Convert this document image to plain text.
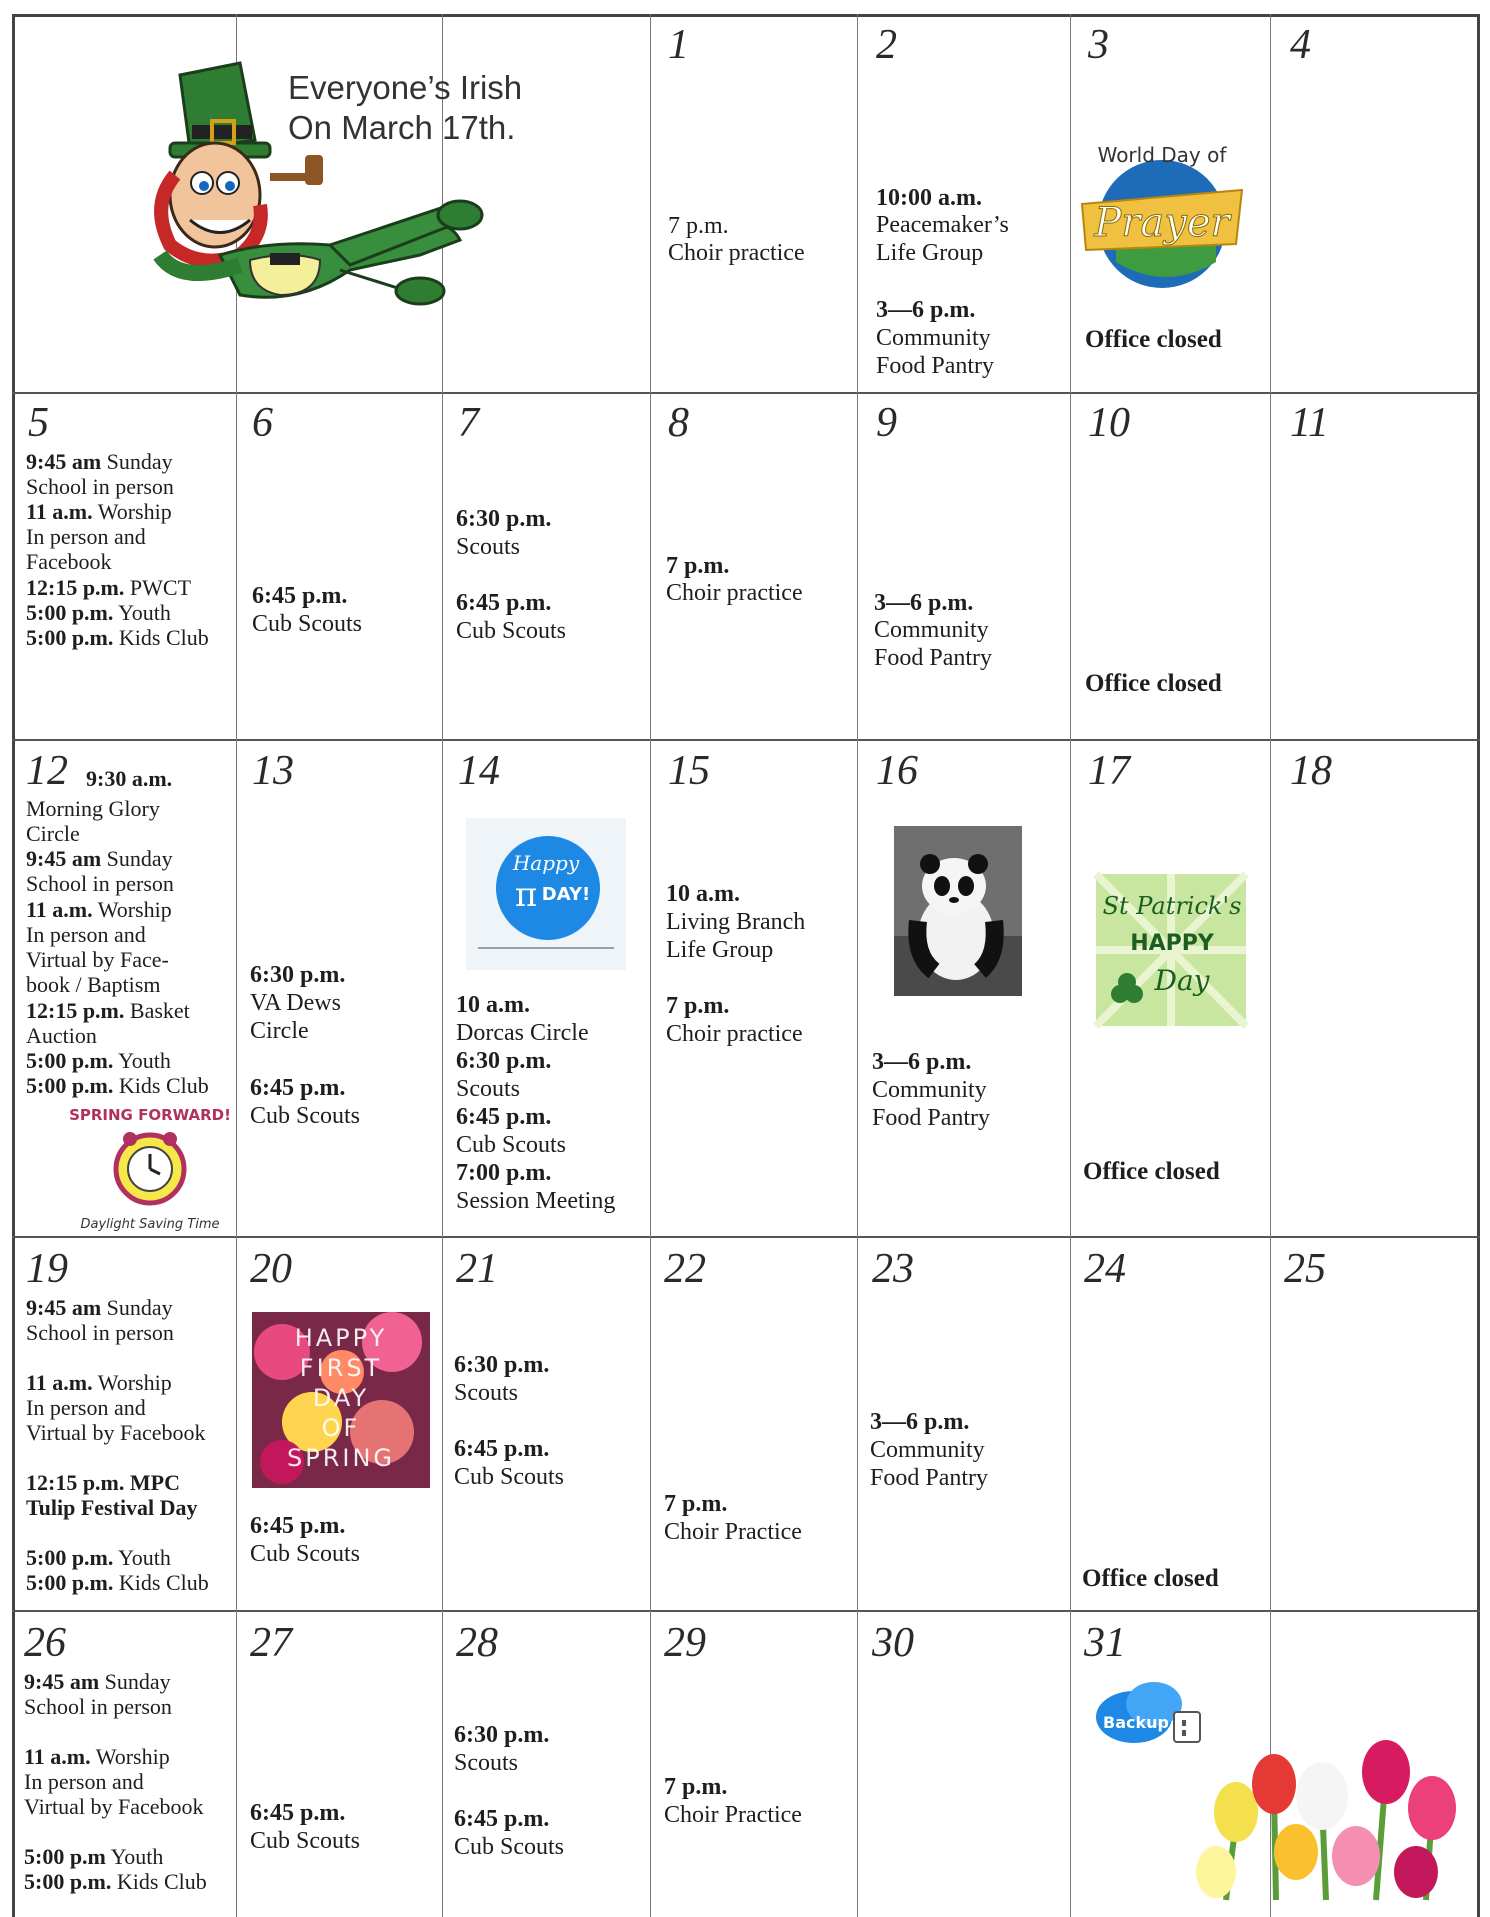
Everyone’s Irish
On March 17th.
1
7 p.m.
Choir practice
2
10:00 a.m.
Peacemaker’s
Life Group
3—6 p.m.
Community
Food Pantry
3
Prayer
World Day of
Office closed
4
5
9:45 am Sunday
School in person
11 a.m. Worship
In person and
Facebook
12:15 p.m. PWCT
5:00 p.m. Youth
5:00 p.m. Kids Club
6
6:45 p.m.
Cub Scouts
7
6:30 p.m.
Scouts
6:45 p.m.
Cub Scouts
8
7 p.m.
Choir practice
9
3—6 p.m.
Community
Food Pantry
10
Office closed
11
12 9:30 a.m.
Morning Glory
Circle
9:45 am Sunday
School in person
11 a.m. Worship
In person and
Virtual by Face-
book / Baptism
12:15 p.m. Basket
Auction
5:00 p.m. Youth
5:00 p.m. Kids Club
SPRING FORWARD!
Daylight Saving Time
13
6:30 p.m.
VA Dews
Circle
6:45 p.m.
Cub Scouts
14
Happy
π DAY!
10 a.m.
Dorcas Circle
6:30 p.m.
Scouts
6:45 p.m.
Cub Scouts
7:00 p.m.
Session Meeting
15
10 a.m.
Living Branch
Life Group
7 p.m.
Choir practice
16
3—6 p.m.
Community
Food Pantry
17
St Patrick's
HAPPY
Day
Office closed
18
19
9:45 am Sunday
School in person
11 a.m. Worship
In person and
Virtual by Facebook
12:15 p.m. MPC
Tulip Festival Day
5:00 p.m. Youth
5:00 p.m. Kids Club
20
HAPPY
FIRST
DAY
OF
SPRING
6:45 p.m.
Cub Scouts
21
6:30 p.m.
Scouts
6:45 p.m.
Cub Scouts
22
7 p.m.
Choir Practice
23
3—6 p.m.
Community
Food Pantry
24
Office closed
25
26
9:45 am Sunday
School in person
11 a.m. Worship
In person and
Virtual by Facebook
5:00 p.m Youth
5:00 p.m. Kids Club
27
6:45 p.m.
Cub Scouts
28
6:30 p.m.
Scouts
6:45 p.m.
Cub Scouts
29
7 p.m.
Choir Practice
30	31
Backup
